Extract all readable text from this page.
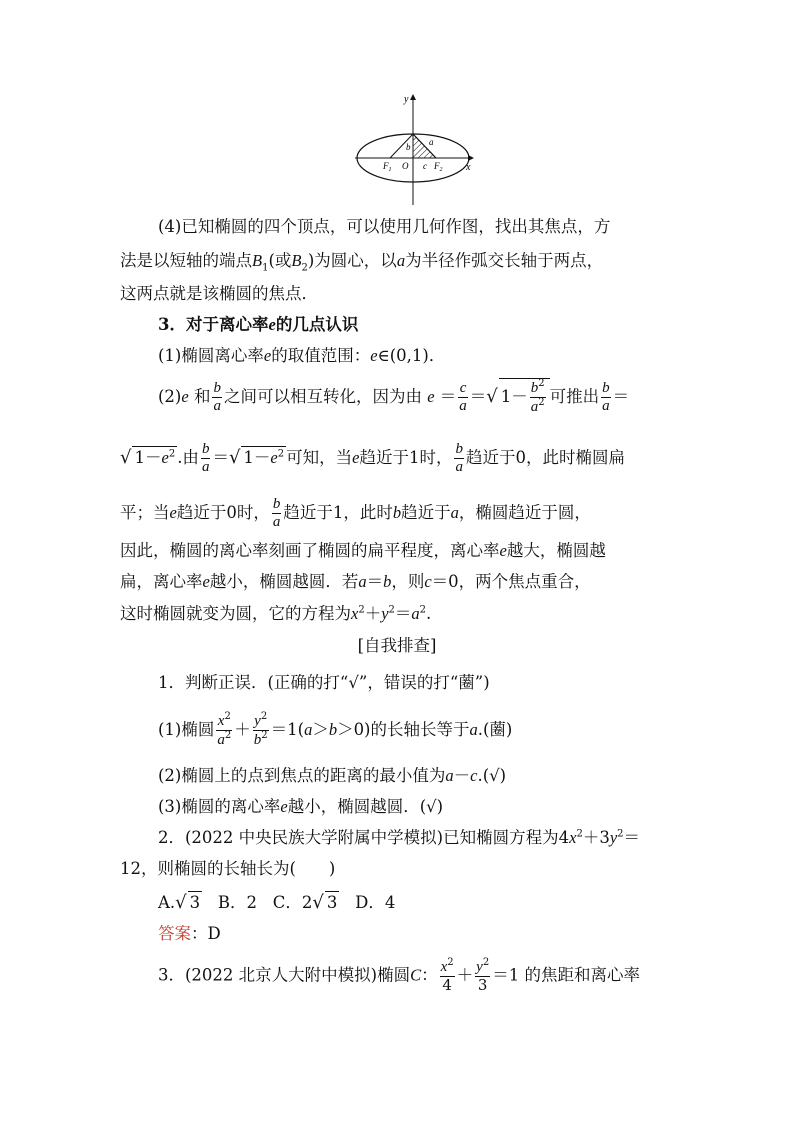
y
x
b a
c
O
$F_1$	$F_2$
(4)已知椭圆的四个顶点，可以使用几何作图，找出其焦点，方
法是以短轴的端点$B_1$(或$B_2$)为圆心，以a为半径作弧交长轴于两点，
这两点就是该椭圆的焦点．
3．对于离心率e的几点认识
(1)椭圆离心率e的取值范围：e∈(0,1)．
(2)e 和 $\frac{b}{a}$ 之间可以相互转化，因为由 $e = \frac{c}{a}$ ＝√ $1- \frac{b^2}{a^2}$ 可推出 $\frac{b}{a}$ ＝
√ $1-e^2$ .由 $\frac{b}{a}$ ＝√ $1-e^2$ 可知，当e趋近于1时， $\frac{b}{a}$ 趋近于0，此时椭圆扁
平；当e趋近于0时， $\frac{b}{a}$ 趋近于1，此时b趋近于a，椭圆趋近于圆，
因此，椭圆的离心率刻画了椭圆的扁平程度，离心率e越大，椭圆越
扁，离心率e越小，椭圆越圆．若a＝b，则c＝0，两个焦点重合，
这时椭圆就变为圆，它的方程为$x^2+y^2=a^2$.
[自我排查]
1．判断正误．(正确的打“√”，错误的打“蔨”)
(1)椭圆 $\frac{x^2}{a^2} + \frac{y^2}{b^2} =1(a>b>0)$的长轴长等于a.(蔨)
(2)椭圆上的点到焦点的距离的最小值为a－c.(√)
(3)椭圆的离心率e越小，椭圆越圆．(√)
2．(2022 中央民族大学附属中学模拟)已知椭圆方程为$4x^2+3y^2=$
12，则椭圆的长轴长为(　　)
A.√ 3 B．2 C．2√ 3 D．4
答案：D
3．(2022 北京人大附中模拟)椭圆C： $\frac{x^2}{4} + \frac{y^2}{3} =1$ 的焦距和离心率
